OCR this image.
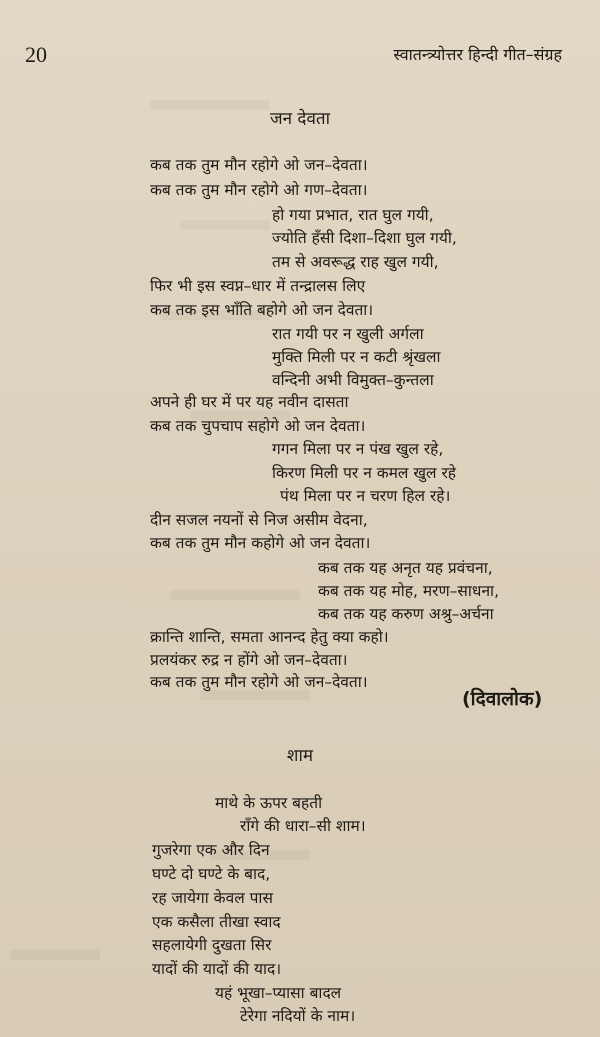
20	स्वातन्त्र्योत्तर हिन्दी गीत–संग्रह
जन देवता
कब तक तुम मौन रहोगे ओ जन–देवता।
कब तक तुम मौन रहोगे ओ गण–देवता।
हो गया प्रभात, रात घुल गयी,
ज्योति हँसी दिशा–दिशा घुल गयी,
तम से अवरूद्ध राह खुल गयी,
फिर भी इस स्वप्न–धार में तन्द्रालस लिए
कब तक इस भाँति बहोगे ओ जन देवता।
रात गयी पर न खुली अर्गला
मुक्ति मिली पर न कटी श्रृंखला
वन्दिनी अभी विमुक्त–कुन्तला
अपने ही घर में पर यह नवीन दासता
कब तक चुपचाप सहोगे ओ जन देवता।
गगन मिला पर न पंख खुल रहे,
किरण मिली पर न कमल खुल रहे
पंथ मिला पर न चरण हिल रहे।
दीन सजल नयनों से निज असीम वेदना,
कब तक तुम मौन कहोगे ओ जन देवता।
कब तक यह अनृत यह प्रवंचना,
कब तक यह मोह, मरण–साधना,
कब तक यह करुण अश्रु–अर्चना
क्रान्ति शान्ति, समता आनन्द हेतु क्या कहो।
प्रलयंकर रुद्र न होंगे ओ जन–देवता।
कब तक तुम मौन रहोगे ओ जन–देवता।
(दिवालोक)
शाम
माथे के ऊपर बहती
राँगे की धारा–सी शाम।
गुजरेगा एक और दिन
घण्टे दो घण्टे के बाद,
रह जायेगा केवल पास
एक कसैला तीखा स्वाद
सहलायेगी दुखता सिर
यादों की यादों की याद।
यहं भूखा–प्यासा बादल
टेरेगा नदियों के नाम।
